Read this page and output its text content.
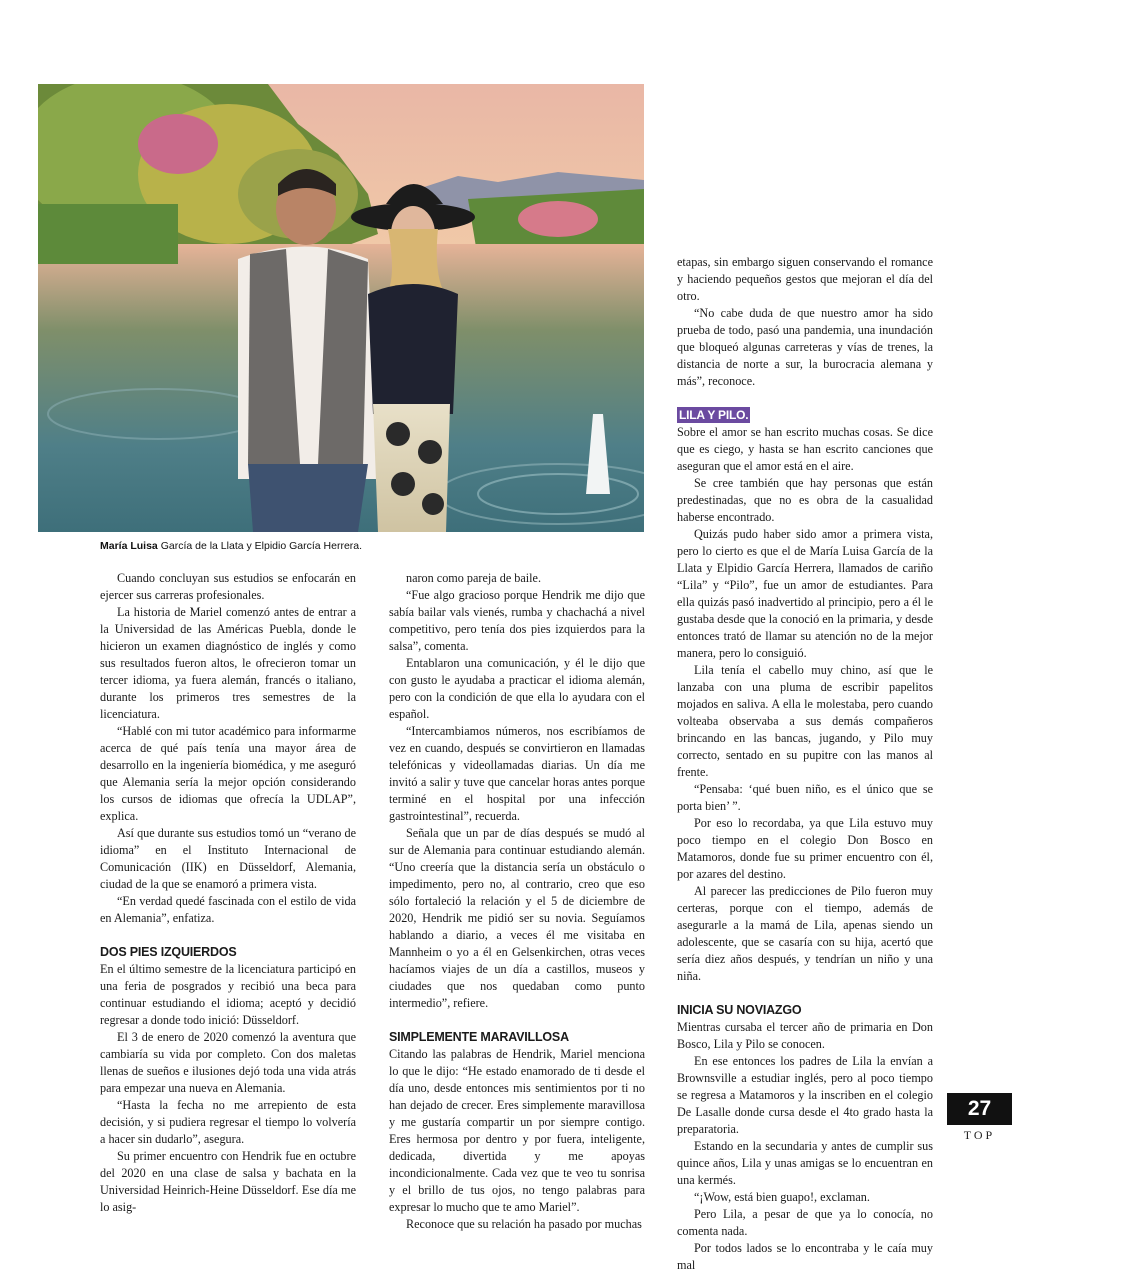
María Luisa García de la Llata y Elpidio García Herrera.

Cuando concluyan sus estudios se enfocarán en ejercer sus carreras profesionales.

La historia de Mariel comenzó antes de entrar a la Universidad de las Américas Puebla, donde le hicieron un examen diagnóstico de inglés y como sus resultados fueron altos, le ofrecieron tomar un tercer idioma, ya fuera alemán, francés o italiano, durante los primeros tres semestres de la licenciatura.

“Hablé con mi tutor académico para informarme acerca de qué país tenía una mayor área de desarrollo en la ingeniería biomédica, y me aseguró que Alemania sería la mejor opción considerando los cursos de idiomas que ofrecía la UDLAP”, explica.

Así que durante sus estudios tomó un “verano de idioma” en el Instituto Internacional de Comunicación (IIK) en Düsseldorf, Alemania, ciudad de la que se enamoró a primera vista.

“En verdad quedé fascinada con el estilo de vida en Alemania”, enfatiza.

DOS PIES IZQUIERDOS

En el último semestre de la licenciatura participó en una feria de posgrados y recibió una beca para continuar estudiando el idioma; aceptó y decidió regresar a donde todo inició: Düsseldorf.

El 3 de enero de 2020 comenzó la aventura que cambiaría su vida por completo. Con dos maletas llenas de sueños e ilusiones dejó toda una vida atrás para empezar una nueva en Alemania.

“Hasta la fecha no me arrepiento de esta decisión, y si pudiera regresar el tiempo lo volvería a hacer sin dudarlo”, asegura.

Su primer encuentro con Hendrik fue en octubre del 2020 en una clase de salsa y bachata en la Universidad Heinrich-Heine Düsseldorf. Ese día me lo asig-

naron como pareja de baile.

“Fue algo gracioso porque Hendrik me dijo que sabía bailar vals vienés, rumba y chachachá a nivel competitivo, pero tenía dos pies izquierdos para la salsa”, comenta.

Entablaron una comunicación, y él le dijo que con gusto le ayudaba a practicar el idioma alemán, pero con la condición de que ella lo ayudara con el español.

“Intercambiamos números, nos escribíamos de vez en cuando, después se convirtieron en llamadas telefónicas y videollamadas diarias. Un día me invitó a salir y tuve que cancelar horas antes porque terminé en el hospital por una infección gastrointestinal”, recuerda.

Señala que un par de días después se mudó al sur de Alemania para continuar estudiando alemán. “Uno creería que la distancia sería un obstáculo o impedimento, pero no, al contrario, creo que eso sólo fortaleció la relación y el 5 de diciembre de 2020, Hendrik me pidió ser su novia. Seguíamos hablando a diario, a veces él me visitaba en Mannheim o yo a él en Gelsenkirchen, otras veces hacíamos viajes de un día a castillos, museos y ciudades que nos quedaban como punto intermedio”, refiere.

SIMPLEMENTE MARAVILLOSA

Citando las palabras de Hendrik, Mariel menciona lo que le dijo: “He estado enamorado de ti desde el día uno, desde entonces mis sentimientos por ti no han dejado de crecer. Eres simplemente maravillosa y me gustaría compartir un por siempre contigo. Eres hermosa por dentro y por fuera, inteligente, dedicada, divertida y me apoyas incondicionalmente. Cada vez que te veo tu sonrisa y el brillo de tus ojos, no tengo palabras para expresar lo mucho que te amo Mariel”.

Reconoce que su relación ha pasado por muchas

etapas, sin embargo siguen conservando el romance y haciendo pequeños gestos que mejoran el día del otro.

“No cabe duda de que nuestro amor ha sido prueba de todo, pasó una pandemia, una inundación que bloqueó algunas carreteras y vías de trenes, la distancia de norte a sur, la burocracia alemana y más”, reconoce.

LILA Y PILO.

Sobre el amor se han escrito muchas cosas. Se dice que es ciego, y hasta se han escrito canciones que aseguran que el amor está en el aire.

Se cree también que hay personas que están predestinadas, que no es obra de la casualidad haberse encontrado.

Quizás pudo haber sido amor a primera vista, pero lo cierto es que el de María Luisa García de la Llata y Elpidio García Herrera, llamados de cariño “Lila” y “Pilo”, fue un amor de estudiantes. Para ella quizás pasó inadvertido al principio, pero a él le gustaba desde que la conoció en la primaria, y desde entonces trató de llamar su atención no de la mejor manera, pero lo consiguió.

Lila tenía el cabello muy chino, así que le lanzaba con una pluma de escribir papelitos mojados en saliva. A ella le molestaba, pero cuando volteaba observaba a sus demás compañeros brincando en las bancas, jugando, y Pilo muy correcto, sentado en su pupitre con las manos al frente.

“Pensaba: ‘qué buen niño, es el único que se porta bien’ ”.

Por eso lo recordaba, ya que Lila estuvo muy poco tiempo en el colegio Don Bosco en Matamoros, donde fue su primer encuentro con él, por azares del destino.

Al parecer las predicciones de Pilo fueron muy certeras, porque con el tiempo, además de asegurarle a la mamá de Lila, apenas siendo un adolescente, que se casaría con su hija, acertó que sería diez años después, y tendrían un niño y una niña.

INICIA SU NOVIAZGO

Mientras cursaba el tercer año de primaria en Don Bosco, Lila y Pilo se conocen.

En ese entonces los padres de Lila la envían a Brownsville a estudiar inglés, pero al poco tiempo se regresa a Matamoros y la inscriben en el colegio De Lasalle donde cursa desde el 4to grado hasta la preparatoria.

Estando en la secundaria y antes de cumplir sus quince años, Lila y unas amigas se lo encuentran en una kermés.

“¡Wow, está bien guapo!, exclaman.

Pero Lila, a pesar de que ya lo conocía, no comenta nada.

Por todos lados se lo encontraba y le caía muy mal

27
TOP
